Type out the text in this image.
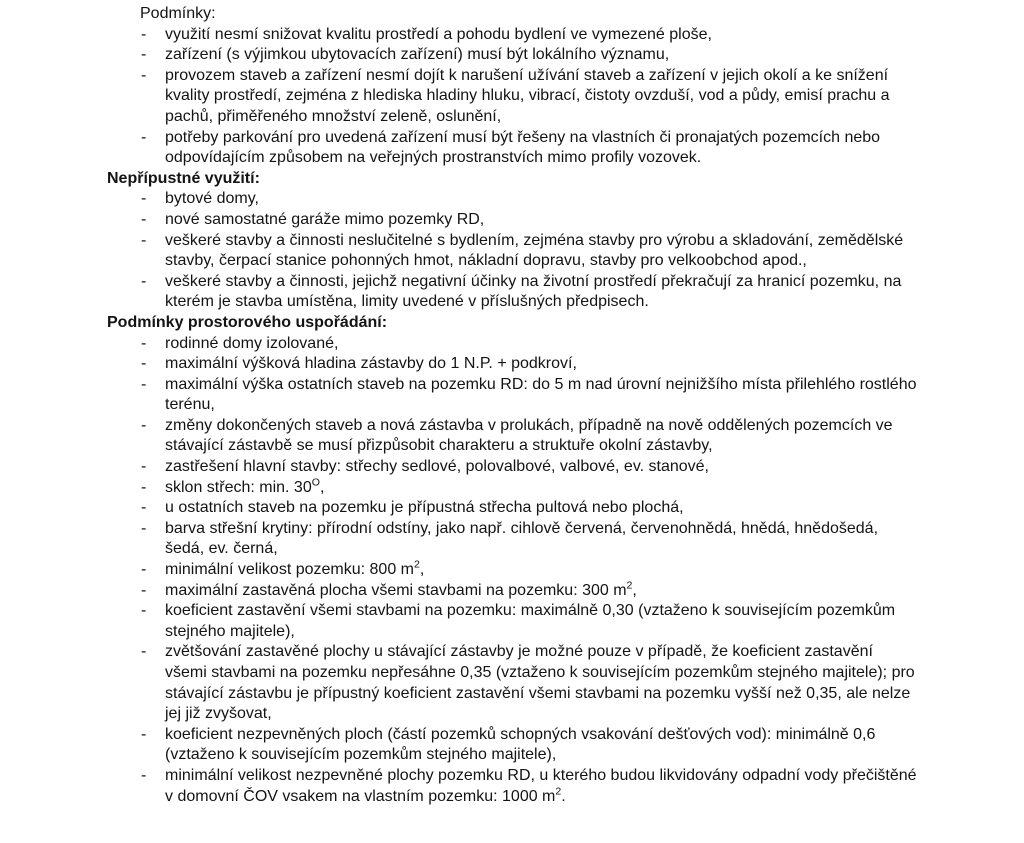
Podmínky:
- využití nesmí snižovat kvalitu prostředí a pohodu bydlení ve vymezené ploše,
- zařízení (s výjimkou ubytovacích zařízení) musí být lokálního významu,
- provozem staveb a zařízení nesmí dojít k narušení užívání staveb a zařízení v jejich okolí a ke snížení kvality prostředí, zejména z hlediska hladiny hluku, vibrací, čistoty ovzduší, vod a půdy, emisí prachu a pachů, přiměřeného množství zeleně, oslunění,
- potřeby parkování pro uvedená zařízení musí být řešeny na vlastních či pronajatých pozemcích nebo odpovídajícím způsobem na veřejných prostranstvích mimo profily vozovek.
Nepřípustné využití:
- bytové domy,
- nové samostatné garáže mimo pozemky RD,
- veškeré stavby a činnosti neslučitelné s bydlením, zejména stavby pro výrobu a skladování, zemědělské stavby, čerpací stanice pohonných hmot, nákladní dopravu, stavby pro velkoobchod apod.,
- veškeré stavby a činnosti, jejichž negativní účinky na životní prostředí překračují za hranicí pozemku, na kterém je stavba umístěna, limity uvedené v příslušných předpisech.
Podmínky prostorového uspořádání:
- rodinné domy izolované,
- maximální výšková hladina zástavby do 1 N.P. + podkroví,
- maximální výška ostatních staveb na pozemku RD: do 5 m nad úrovní nejnižšího místa přilehlého rostlého terénu,
- změny dokončených staveb a nová zástavba v prolukách, případně na nově oddělených pozemcích ve stávající zástavbě se musí přizpůsobit charakteru a struktuře okolní zástavby,
- zastřešení hlavní stavby: střechy sedlové, polovalbové, valbové, ev. stanové,
- sklon střech: min. $30^O$,
- u ostatních staveb na pozemku je přípustná střecha pultová nebo plochá,
- barva střešní krytiny: přírodní odstíny, jako např. cihlově červená, červenohnědá, hnědá, hnědošedá, šedá, ev. černá,
- minimální velikost pozemku: 800 $m^2$,
- maximální zastavěná plocha všemi stavbami na pozemku: 300 $m^2$,
- koeficient zastavění všemi stavbami na pozemku: maximálně 0,30 (vztaženo k souvisejícím pozemkům stejného majitele),
- zvětšování zastavěné plochy u stávající zástavby je možné pouze v případě, že koeficient zastavění všemi stavbami na pozemku nepřesáhne 0,35 (vztaženo k souvisejícím pozemkům stejného majitele); pro stávající zástavbu je přípustný koeficient zastavění všemi stavbami na pozemku vyšší než 0,35, ale nelze jej již zvyšovat,
- koeficient nezpevněných ploch (částí pozemků schopných vsakování dešťových vod): minimálně 0,6 (vztaženo k souvisejícím pozemkům stejného majitele),
- minimální velikost nezpevněné plochy pozemku RD, u kterého budou likvidovány odpadní vody přečištěné v domovní ČOV vsakem na vlastním pozemku: 1000 $m^2$.
